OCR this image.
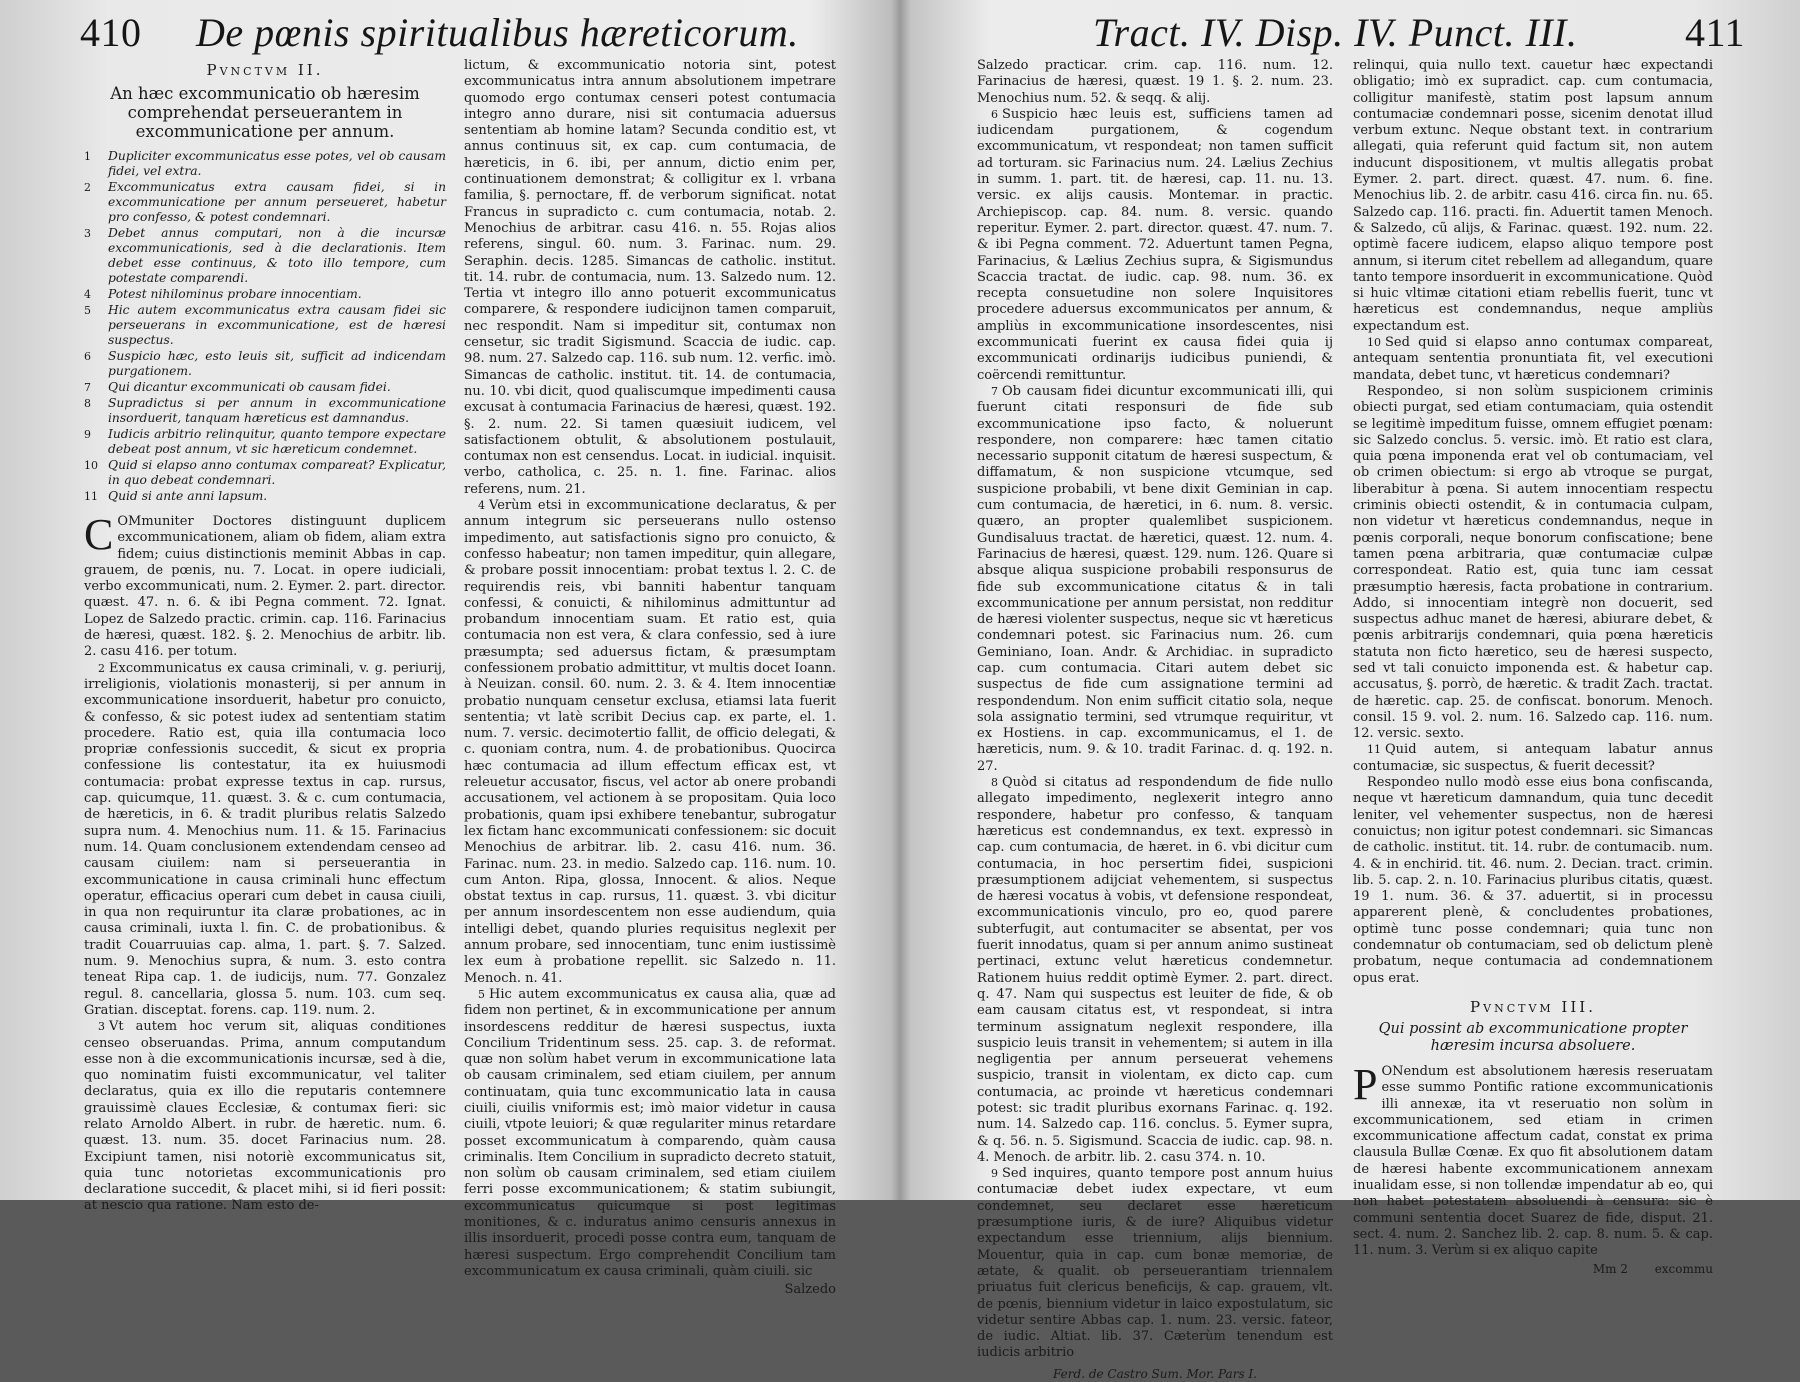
410 De pœnis spiritualibus hæreticorum.
Pvnctvm II.
An hæc excommunicatio ob hæresim comprehendat perseuerantem in excommunicatione per annum.
1	Dupliciter excommunicatus esse potes, vel ob causam fidei, vel extra.
2	Excommunicatus extra causam fidei, si in excommunicatione per annum perseueret, habetur pro confesso, & potest condemnari.
3	Debet annus computari, non à die incursæ excommunicationis, sed à die declarationis. Item debet esse continuus, & toto illo tempore, cum potestate comparendi.
4	Potest nihilominus probare innocentiam.
5	Hic autem excommunicatus extra causam fidei sic perseuerans in excommunicatione, est de hæresi suspectus.
6	Suspicio hæc, esto leuis sit, sufficit ad indicendam purgationem.
7	Qui dicantur excommunicati ob causam fidei.
8	Supradictus si per annum in excommunicatione insorduerit, tanquam hæreticus est damnandus.
9	Iudicis arbitrio relinquitur, quanto tempore expectare debeat post annum, vt sic hæreticum condemnet.
10 Quid si elapso anno contumax compareat? Explicatur, in quo debeat condemnari.
11 Quid si ante anni lapsum.

C OMmuniter Doctores distinguunt duplicem excommunicationem, aliam ob fidem, aliam extra fidem; cuius distinctionis meminit Abbas in cap. grauem, de pœnis, nu. 7. Locat. in opere iudiciali, verbo excommunicati, num. 2. Eymer. 2. part. director. quæst. 47. n. 6. & ibi Pegna comment. 72. Ignat. Lopez de Salzedo practic. crimin. cap. 116. Farinacius de hæresi, quæst. 182. §. 2. Menochius de arbitr. lib. 2. casu 416. per totum.

2 Excommunicatus ex causa criminali, v. g. periurij, irreligionis, violationis monasterij, si per annum in excommunicatione insorduerit, habetur pro conuicto, & confesso, & sic potest iudex ad sententiam statim procedere. Ratio est, quia illa contumacia loco propriæ confessionis succedit, & sicut ex propria confessione lis contestatur, ita ex huiusmodi contumacia: probat expresse textus in cap. rursus, cap. quicumque, 11. quæst. 3. & c. cum contumacia, de hæreticis, in 6. & tradit pluribus relatis Salzedo supra num. 4. Menochius num. 11. & 15. Farinacius num. 14. Quam conclusionem extendendam censeo ad causam ciuilem: nam si perseuerantia in excommunicatione in causa criminali hunc effectum operatur, efficacius operari cum debet in causa ciuili, in qua non requiruntur ita claræ probationes, ac in causa criminali, iuxta l. fin. C. de probationibus. & tradit Couarruuias cap. alma, 1. part. §. 7. Salzed. num. 9. Menochius supra, & num. 3. esto contra teneat Ripa cap. 1. de iudicijs, num. 77. Gonzalez regul. 8. cancellaria, glossa 5. num. 103. cum seq. Gratian. disceptat. forens. cap. 119. num. 2.

3 Vt autem hoc verum sit, aliquas conditiones censeo obseruandas. Prima, annum computandum esse non à die excommunicationis incursæ, sed à die, quo nominatim fuisti excommunicatur, vel taliter declaratus, quia ex illo die reputaris contemnere grauissimè claues Ecclesiæ, & contumax fieri: sic relato Arnoldo Albert. in rubr. de hæretic. num. 6. quæst. 13. num. 35. docet Farinacius num. 28. Excipiunt tamen, nisi notoriè excommunicatus sit, quia tunc notorietas excommunicationis pro declaratione succedit, & placet mihi, si id fieri possit: at nescio qua ratione. Nam esto de-

lictum, & excommunicatio notoria sint, potest excommunicatus intra annum absolutionem impetrare quomodo ergo contumax censeri potest contumacia integro anno durare, nisi sit contumacia aduersus sententiam ab homine latam? Secunda conditio est, vt annus continuus sit, ex cap. cum contumacia, de hæreticis, in 6. ibi, per annum, dictio enim per, continuationem demonstrat; & colligitur ex l. vrbana familia, §. pernoctare, ff. de verborum significat. notat Francus in supradicto c. cum contumacia, notab. 2. Menochius de arbitrar. casu 416. n. 55. Rojas alios referens, singul. 60. num. 3. Farinac. num. 29. Seraphin. decis. 1285. Simancas de catholic. institut. tit. 14. rubr. de contumacia, num. 13. Salzedo num. 12. Tertia vt integro illo anno potuerit excommunicatus comparere, & respondere iudicijnon tamen comparuit, nec respondit. Nam si impeditur sit, contumax non censetur, sic tradit Sigismund. Scaccia de iudic. cap. 98. num. 27. Salzedo cap. 116. sub num. 12. verfic. imò. Simancas de catholic. institut. tit. 14. de contumacia, nu. 10. vbi dicit, quod qualiscumque impedimenti causa excusat à contumacia Farinacius de hæresi, quæst. 192. §. 2. num. 22. Si tamen quæsiuit iudicem, vel satisfactionem obtulit, & absolutionem postulauit, contumax non est censendus. Locat. in iudicial. inquisit. verbo, catholica, c. 25. n. 1. fine. Farinac. alios referens, num. 21.

4 Verùm etsi in excommunicatione declaratus, & per annum integrum sic perseuerans nullo ostenso impedimento, aut satisfactionis signo pro conuicto, & confesso habeatur; non tamen impeditur, quin allegare, & probare possit innocentiam: probat textus l. 2. C. de requirendis reis, vbi banniti habentur tanquam confessi, & conuicti, & nihilominus admittuntur ad probandum innocentiam suam. Et ratio est, quia contumacia non est vera, & clara confessio, sed à iure præsumpta; sed aduersus fictam, & præsumptam confessionem probatio admittitur, vt multis docet Ioann. à Neuizan. consil. 60. num. 2. 3. & 4. Item innocentiæ probatio nunquam censetur exclusa, etiamsi lata fuerit sententia; vt latè scribit Decius cap. ex parte, el. 1. num. 7. versic. decimotertio fallit, de officio delegati, & c. quoniam contra, num. 4. de probationibus. Quocirca hæc contumacia ad illum effectum efficax est, vt releuetur accusator, fiscus, vel actor ab onere probandi accusationem, vel actionem à se propositam. Quia loco probationis, quam ipsi exhibere tenebantur, subrogatur lex fictam hanc excommunicati confessionem: sic docuit Menochius de arbitrar. lib. 2. casu 416. num. 36. Farinac. num. 23. in medio. Salzedo cap. 116. num. 10. cum Anton. Ripa, glossa, Innocent. & alios. Neque obstat textus in cap. rursus, 11. quæst. 3. vbi dicitur per annum insordescentem non esse audiendum, quia intelligi debet, quando pluries requisitus neglexit per annum probare, sed innocentiam, tunc enim iustissimè lex eum à probatione repellit. sic Salzedo n. 11. Menoch. n. 41.

5 Hic autem excommunicatus ex causa alia, quæ ad fidem non pertinet, & in excommunicatione per annum insordescens redditur de hæresi suspectus, iuxta Concilium Tridentinum sess. 25. cap. 3. de reformat. quæ non solùm habet verum in excommunicatione lata ob causam criminalem, sed etiam ciuilem, per annum continuatam, quia tunc excommunicatio lata in causa ciuili, ciuilis vniformis est; imò maior videtur in causa ciuili, vtpote leuiori; & quæ regulariter minus retardare posset excommunicatum à comparendo, quàm causa criminalis. Item Concilium in supradicto decreto statuit, non solùm ob causam criminalem, sed etiam ciuilem ferri posse excommunicationem; & statim subiungit, excommunicatus quicumque si post legitimas monitiones, & c. induratus animo censuris annexus in illis insorduerit, procedi posse contra eum, tanquam de hæresi suspectum. Ergo comprehendit Concilium tam excommunicatum ex causa criminali, quàm ciuili. sic

Salzedo
Tract. IV. Disp. IV. Punct. III.	411

Salzedo practicar. crim. cap. 116. num. 12. Farinacius de hæresi, quæst. 19 1. §. 2. num. 23. Menochius num. 52. & seqq. & alij.

6 Suspicio hæc leuis est, sufficiens tamen ad iudicendam purgationem, & cogendum excommunicatum, vt respondeat; non tamen sufficit ad torturam. sic Farinacius num. 24. Lælius Zechius in summ. 1. part. tit. de hæresi, cap. 11. nu. 13. versic. ex alijs causis. Montemar. in practic. Archiepiscop. cap. 84. num. 8. versic. quando reperitur. Eymer. 2. part. director. quæst. 47. num. 7. & ibi Pegna comment. 72. Aduertunt tamen Pegna, Farinacius, & Lælius Zechius supra, & Sigismundus Scaccia tractat. de iudic. cap. 98. num. 36. ex recepta consuetudine non solere Inquisitores procedere aduersus excommunicatos per annum, & ampliùs in excommunicatione insordescentes, nisi excommunicati fuerint ex causa fidei quia ij excommunicati ordinarijs iudicibus puniendi, & coërcendi remittuntur.

7 Ob causam fidei dicuntur excommunicati illi, qui fuerunt citati responsuri de fide sub excommunicatione ipso facto, & noluerunt respondere, non comparere: hæc tamen citatio necessario supponit citatum de hæresi suspectum, & diffamatum, & non suspicione vtcumque, sed suspicione probabili, vt bene dixit Geminian in cap. cum contumacia, de hæretici, in 6. num. 8. versic. quæro, an propter qualemlibet suspicionem. Gundisaluus tractat. de hæretici, quæst. 12. num. 4. Farinacius de hæresi, quæst. 129. num. 126. Quare si absque aliqua suspicione probabili responsurus de fide sub excommunicatione citatus & in tali excommunicatione per annum persistat, non redditur de hæresi violenter suspectus, neque sic vt hæreticus condemnari potest. sic Farinacius num. 26. cum Geminiano, Ioan. Andr. & Archidiac. in supradicto cap. cum contumacia. Citari autem debet sic suspectus de fide cum assignatione termini ad respondendum. Non enim sufficit citatio sola, neque sola assignatio termini, sed vtrumque requiritur, vt ex Hostiens. in cap. excommunicamus, el 1. de hæreticis, num. 9. & 10. tradit Farinac. d. q. 192. n. 27.

8 Quòd si citatus ad respondendum de fide nullo allegato impedimento, neglexerit integro anno respondere, habetur pro confesso, & tanquam hæreticus est condemnandus, ex text. expressò in cap. cum contumacia, de hæret. in 6. vbi dicitur cum contumacia, in hoc persertim fidei, suspicioni præsumptionem adijciat vehementem, si suspectus de hæresi vocatus à vobis, vt defensione respondeat, excommunicationis vinculo, pro eo, quod parere subterfugit, aut contumaciter se absentat, per vos fuerit innodatus, quam si per annum animo sustineat pertinaci, extunc velut hæreticus condemnetur. Rationem huius reddit optimè Eymer. 2. part. direct. q. 47. Nam qui suspectus est leuiter de fide, & ob eam causam citatus est, vt respondeat, si intra terminum assignatum neglexit respondere, illa suspicio leuis transit in vehementem; si autem in illa negligentia per annum perseuerat vehemens suspicio, transit in violentam, ex dicto cap. cum contumacia, ac proinde vt hæreticus condemnari potest: sic tradit pluribus exornans Farinac. q. 192. num. 14. Salzedo cap. 116. conclus. 5. Eymer supra, & q. 56. n. 5. Sigismund. Scaccia de iudic. cap. 98. n. 4. Menoch. de arbitr. lib. 2. casu 374. n. 10.

9 Sed inquires, quanto tempore post annum huius contumaciæ debet iudex expectare, vt eum condemnet, seu declaret esse hæreticum præsumptione iuris, & de iure? Aliquibus videtur expectandum esse triennium, alijs biennium. Mouentur, quia in cap. cum bonæ memoriæ, de ætate, & qualit. ob perseuerantiam triennalem priuatus fuit clericus beneficijs, & cap. grauem, vlt. de pœnis, biennium videtur in laico expostulatum, sic videtur sentire Abbas cap. 1. num. 23. versic. fateor, de iudic. Altiat. lib. 37. Cæterùm tenendum est iudicis arbitrio

Ferd. de Castro Sum. Mor. Pars I.

relinqui, quia nullo text. cauetur hæc expectandi obligatio; imò ex supradict. cap. cum contumacia, colligitur manifestè, statim post lapsum annum contumaciæ condemnari posse, sicenim denotat illud verbum extunc. Neque obstant text. in contrarium allegati, quia referunt quid factum sit, non autem inducunt dispositionem, vt multis allegatis probat Eymer. 2. part. direct. quæst. 47. num. 6. fine. Menochius lib. 2. de arbitr. casu 416. circa fin. nu. 65. Salzedo cap. 116. practi. fin. Aduertit tamen Menoch. & Salzedo, cũ alijs, & Farinac. quæst. 192. num. 22. optimè facere iudicem, elapso aliquo tempore post annum, si iterum citet rebellem ad allegandum, quare tanto tempore insorduerit in excommunicatione. Quòd si huic vltimæ citationi etiam rebellis fuerit, tunc vt hæreticus est condemnandus, neque ampliùs expectandum est.

10 Sed quid si elapso anno contumax compareat, antequam sententia pronuntiata fit, vel executioni mandata, debet tunc, vt hæreticus condemnari?

Respondeo, si non solùm suspicionem criminis obiecti purgat, sed etiam contumaciam, quia ostendit se legitimè impeditum fuisse, omnem effugiet pœnam: sic Salzedo conclus. 5. versic. imò. Et ratio est clara, quia pœna imponenda erat vel ob contumaciam, vel ob crimen obiectum: si ergo ab vtroque se purgat, liberabitur à pœna. Si autem innocentiam respectu criminis obiecti ostendit, & in contumacia culpam, non videtur vt hæreticus condemnandus, neque in pœnis corporali, neque bonorum confiscatione; bene tamen pœna arbitraria, quæ contumaciæ culpæ correspondeat. Ratio est, quia tunc iam cessat præsumptio hæresis, facta probatione in contrarium. Addo, si innocentiam integrè non docuerit, sed suspectus adhuc manet de hæresi, abiurare debet, & pœnis arbitrarijs condemnari, quia pœna hæreticis statuta non ficto hæretico, seu de hæresi suspecto, sed vt tali conuicto imponenda est. & habetur cap. accusatus, §. porrò, de hæretic. & tradit Zach. tractat. de hæretic. cap. 25. de confiscat. bonorum. Menoch. consil. 15 9. vol. 2. num. 16. Salzedo cap. 116. num. 12. versic. sexto.

11 Quid autem, si antequam labatur annus contumaciæ, sic suspectus, & fuerit decessit?

Respondeo nullo modò esse eius bona confiscanda, neque vt hæreticum damnandum, quia tunc decedit leniter, vel vehementer suspectus, non de hæresi conuictus; non igitur potest condemnari. sic Simancas de catholic. institut. tit. 14. rubr. de contumacib. num. 4. & in enchirid. tit. 46. num. 2. Decian. tract. crimin. lib. 5. cap. 2. n. 10. Farinacius pluribus citatis, quæst. 19 1. num. 36. & 37. aduertit, si in processu apparerent plenè, & concludentes probationes, optimè tunc posse condemnari; quia tunc non condemnatur ob contumaciam, sed ob delictum plenè probatum, neque contumacia ad condemnationem opus erat.

Pvnctvm III.
Qui possint ab excommunicatione propter hæresim incursa absoluere.

P ONendum est absolutionem hæresis reseruatam esse summo Pontific ratione excommunicationis illi annexæ, ita vt reseruatio non solùm in excommunicationem, sed etiam in crimen excommunicatione affectum cadat, constat ex prima clausula Bullæ Cœnæ. Ex quo fit absolutionem datam de hæresi habente excommunicationem annexam inualidam esse, si non tollendæ impendatur ab eo, qui non habet potestatem absoluendi à censura: sic è communi sententia docet Suarez de fide, disput. 21. sect. 4. num. 2. Sanchez lib. 2. cap. 8. num. 5. & cap. 11. num. 3. Verùm si ex aliquo capite

Mm 2 excommu
